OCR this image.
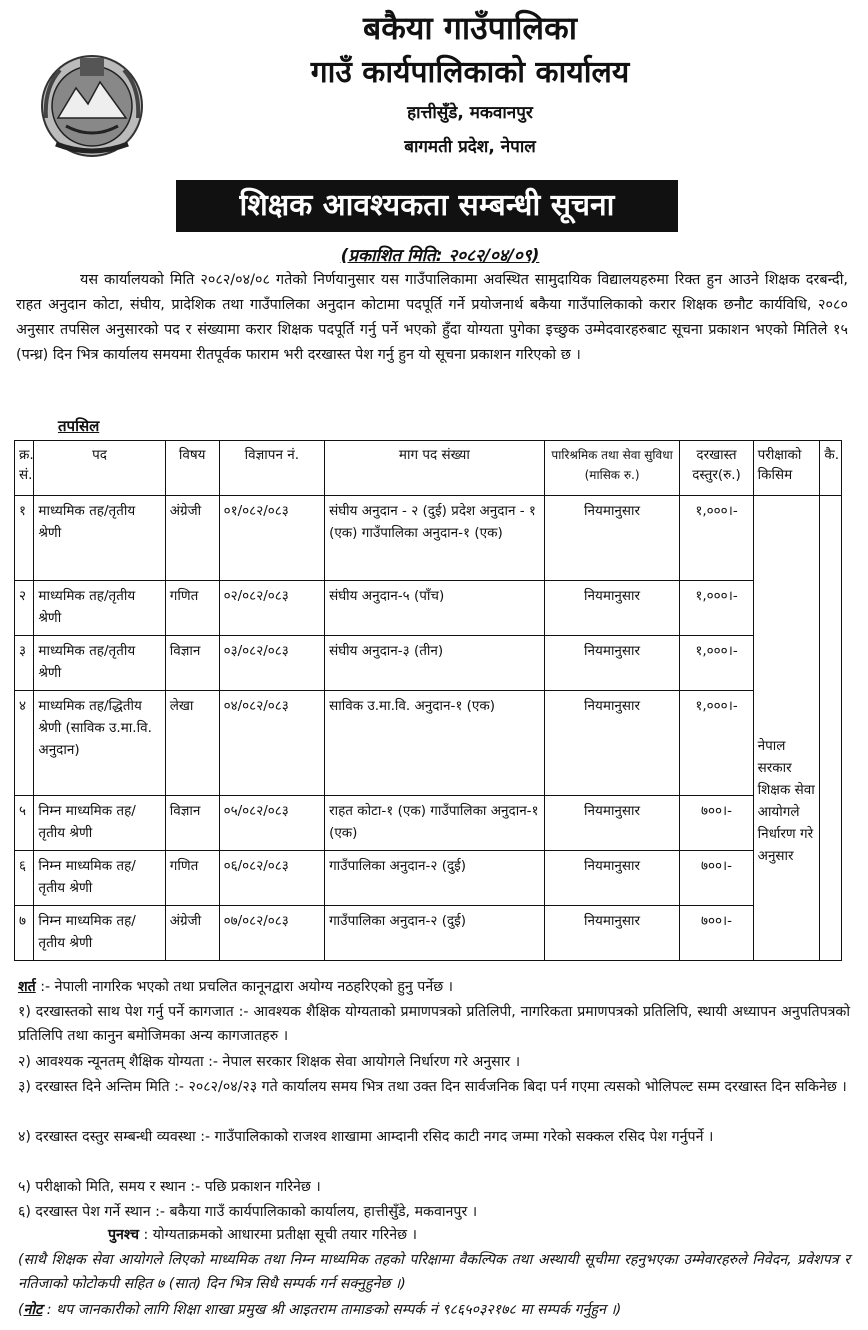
बकैया गाउँपालिका
गाउँ कार्यपालिकाको कार्यालय
हात्तीसुँडे, मकवानपुर
बागमती प्रदेश, नेपाल
शिक्षक आवश्यकता सम्बन्धी सूचना
(प्रकाशित मिति: २०८२/०४/०९)

यस कार्यालयको मिति २०८२/०४/०८ गतेको निर्णयानुसार यस गाउँपालिकामा अवस्थित सामुदायिक विद्यालयहरुमा रिक्त हुन आउने शिक्षक दरबन्दी, राहत अनुदान कोटा, संघीय, प्रादेशिक तथा गाउँपालिका अनुदान कोटामा पदपूर्ति गर्ने प्रयोजनार्थ बकैया गाउँपालिकाको करार शिक्षक छनौट कार्यविधि, २०८० अनुसार तपसिल अनुसारको पद र संख्यामा करार शिक्षक पदपूर्ति गर्नु पर्ने भएको हुँदा योग्यता पुगेका इच्छुक उम्मेदवारहरुबाट सूचना प्रकाशन भएको मितिले १५ (पन्ध्र) दिन भित्र कार्यालय समयमा रीतपूर्वक फाराम भरी दरखास्त पेश गर्नु हुन यो सूचना प्रकाशन गरिएको छ ।

तपसिल
क्र. सं.	पद	विषय	विज्ञापन नं.	माग पद संख्या	पारिश्रमिक तथा सेवा सुविधा (मासिक रु.)	दरखास्त दस्तुर(रु.)	परीक्षाको किसिम	कै.
१	माध्यमिक तह/तृतीय श्रेणी	अंग्रेजी	०१/०८२/०८३	संघीय अनुदान - २ (दुई) प्रदेश अनुदान - १ (एक) गाउँपालिका अनुदान-१ (एक)	नियमानुसार	१,०००।-	नेपाल सरकार शिक्षक सेवा आयोगले निर्धारण गरे अनुसार	
२	माध्यमिक तह/तृतीय श्रेणी	गणित	०२/०८२/०८३	संघीय अनुदान-५ (पाँच)	नियमानुसार	१,०००।-		
३	माध्यमिक तह/तृतीय श्रेणी	विज्ञान	०३/०८२/०८३	संघीय अनुदान-३ (तीन)	नियमानुसार	१,०००।-		
४	माध्यमिक तह/द्धितीय श्रेणी (साविक उ.मा.वि. अनुदान)	लेखा	०४/०८२/०८३	साविक उ.मा.वि. अनुदान-१ (एक)	नियमानुसार	१,०००।-		
५	निम्न माध्यमिक तह/तृतीय श्रेणी	विज्ञान	०५/०८२/०८३	राहत कोटा-१ (एक) गाउँपालिका अनुदान-१ (एक)	नियमानुसार	७००।-		
६	निम्न माध्यमिक तह/तृतीय श्रेणी	गणित	०६/०८२/०८३	गाउँपालिका अनुदान-२ (दुई)	नियमानुसार	७००।-		
७	निम्न माध्यमिक तह/तृतीय श्रेणी	अंग्रेजी	०७/०८२/०८३	गाउँपालिका अनुदान-२ (दुई)	नियमानुसार	७००।-		
शर्त :- नेपाली नागरिक भएको तथा प्रचलित कानूनद्वारा अयोग्य नठहरिएको हुनु पर्नेछ ।
१) दरखास्तको साथ पेश गर्नु पर्ने कागजात :- आवश्यक शैक्षिक योग्यताको प्रमाणपत्रको प्रतिलिपी, नागरिकता प्रमाणपत्रको प्रतिलिपि, स्थायी अध्यापन अनुपतिपत्रको प्रतिलिपि तथा कानुन बमोजिमका अन्य कागजातहरु ।
२) आवश्यक न्यूनतम् शैक्षिक योग्यता :- नेपाल सरकार शिक्षक सेवा आयोगले निर्धारण गरे अनुसार ।
३) दरखास्त दिने अन्तिम मिति :- २०८२/०४/२३ गते कार्यालय समय भित्र तथा उक्त दिन सार्वजनिक बिदा पर्न गएमा त्यसको भोलिपल्ट सम्म दरखास्त दिन सकिनेछ ।
४) दरखास्त दस्तुर सम्बन्धी व्यवस्था :- गाउँपालिकाको राजश्व शाखामा आम्दानी रसिद काटी नगद जम्मा गरेको सक्कल रसिद पेश गर्नुपर्ने ।
५) परीक्षाको मिति, समय र स्थान :- पछि प्रकाशन गरिनेछ ।
६) दरखास्त पेश गर्ने स्थान :- बकैया गाउँ कार्यपालिकाको कार्यालय, हात्तीसुँडे, मकवानपुर ।
पुनश्च : योग्यताक्रमको आधारमा प्रतीक्षा सूची तयार गरिनेछ ।
(साथै शिक्षक सेवा आयोगले लिएको माध्यमिक तथा निम्न माध्यमिक तहको परिक्षामा वैकल्पिक तथा अस्थायी सूचीमा रहनुभएका उम्मेवारहरुले निवेदन, प्रवेशपत्र र नतिजाको फोटोकपी सहित ७ (सात) दिन भित्र सिधै सम्पर्क गर्न सक्नुहुनेछ ।)
(नोट : थप जानकारीको लागि शिक्षा शाखा प्रमुख श्री आइतराम तामाङको सम्पर्क नं ९८६५०३२१७८ मा सम्पर्क गर्नुहुन ।)
